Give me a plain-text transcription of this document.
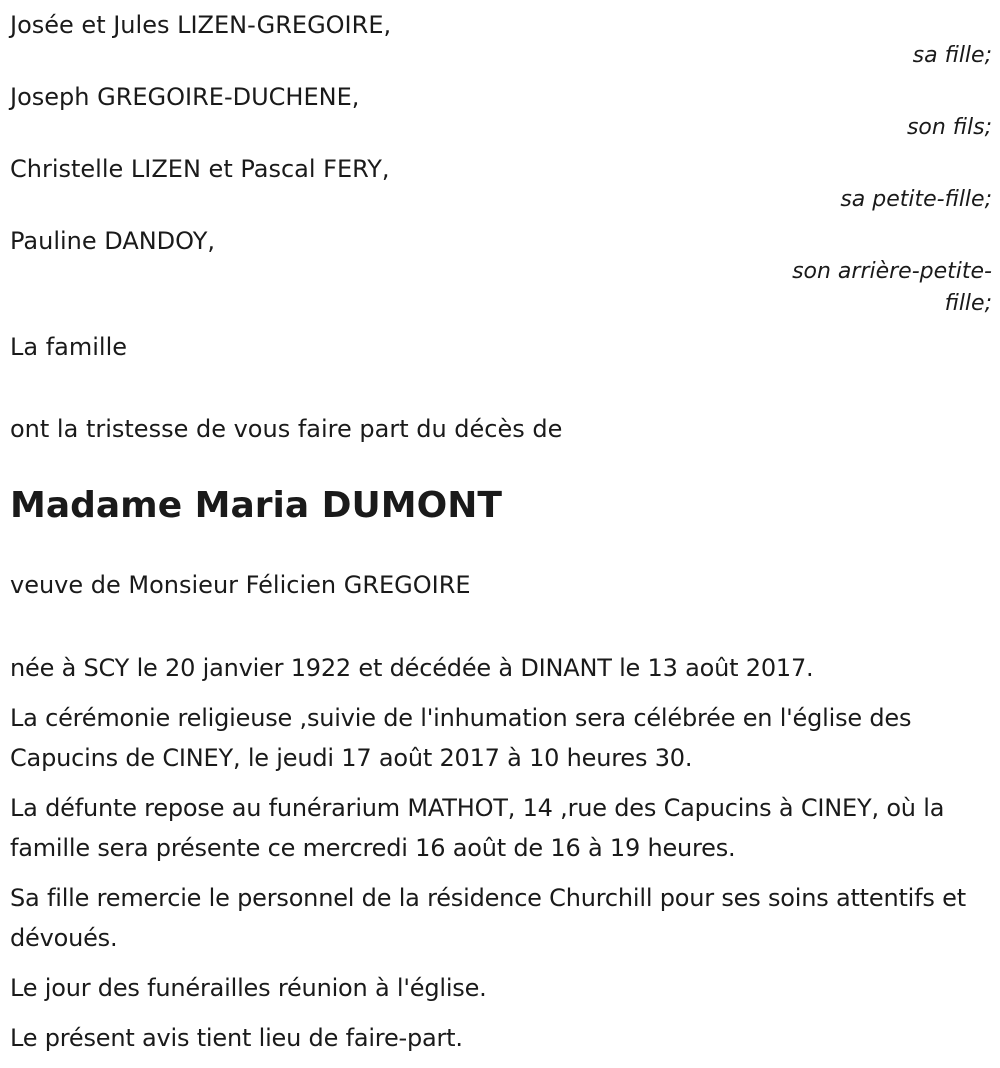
Josée et Jules LIZEN-GREGOIRE,

sa fille;

Joseph GREGOIRE-DUCHENE,

son fils;

Christelle LIZEN et Pascal FERY,

sa petite-fille;

Pauline DANDOY,

son arrière-petite-fille;

La famille

ont la tristesse de vous faire part du décès de

Madame Maria DUMONT

veuve de Monsieur Félicien GREGOIRE

née à SCY le 20 janvier 1922 et décédée à DINANT le 13 août 2017.

La cérémonie religieuse ,suivie de l'inhumation sera célébrée en l'église des Capucins de CINEY, le jeudi 17 août 2017 à 10 heures 30.

La défunte repose au funérarium MATHOT, 14 ,rue des Capucins à CINEY, où la famille sera présente ce mercredi 16 août de 16 à 19 heures.

Sa fille remercie le personnel de la résidence Churchill pour ses soins attentifs et dévoués.

Le jour des funérailles réunion à l'église.

Le présent avis tient lieu de faire-part.
